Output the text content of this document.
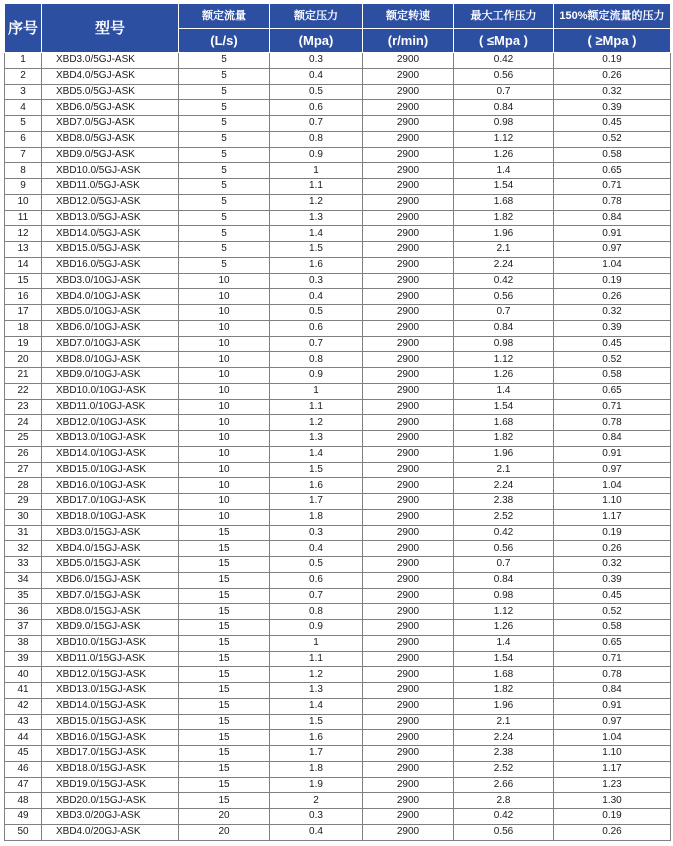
序号	型号	额定流量	额定压力	额定转速	最大工作压力	150%额定流量的压力
		(L/s)	(Mpa)	(r/min)	( ≤Mpa )	( ≥Mpa )
1	XBD3.0/5GJ-ASK	5	0.3	2900	0.42	0.19
2	XBD4.0/5GJ-ASK	5	0.4	2900	0.56	0.26
3	XBD5.0/5GJ-ASK	5	0.5	2900	0.7	0.32
4	XBD6.0/5GJ-ASK	5	0.6	2900	0.84	0.39
5	XBD7.0/5GJ-ASK	5	0.7	2900	0.98	0.45
6	XBD8.0/5GJ-ASK	5	0.8	2900	1.12	0.52
7	XBD9.0/5GJ-ASK	5	0.9	2900	1.26	0.58
8	XBD10.0/5GJ-ASK	5	1	2900	1.4	0.65
9	XBD11.0/5GJ-ASK	5	1.1	2900	1.54	0.71
10	XBD12.0/5GJ-ASK	5	1.2	2900	1.68	0.78
11	XBD13.0/5GJ-ASK	5	1.3	2900	1.82	0.84
12	XBD14.0/5GJ-ASK	5	1.4	2900	1.96	0.91
13	XBD15.0/5GJ-ASK	5	1.5	2900	2.1	0.97
14	XBD16.0/5GJ-ASK	5	1.6	2900	2.24	1.04
15	XBD3.0/10GJ-ASK	10	0.3	2900	0.42	0.19
16	XBD4.0/10GJ-ASK	10	0.4	2900	0.56	0.26
17	XBD5.0/10GJ-ASK	10	0.5	2900	0.7	0.32
18	XBD6.0/10GJ-ASK	10	0.6	2900	0.84	0.39
19	XBD7.0/10GJ-ASK	10	0.7	2900	0.98	0.45
20	XBD8.0/10GJ-ASK	10	0.8	2900	1.12	0.52
21	XBD9.0/10GJ-ASK	10	0.9	2900	1.26	0.58
22	XBD10.0/10GJ-ASK	10	1	2900	1.4	0.65
23	XBD11.0/10GJ-ASK	10	1.1	2900	1.54	0.71
24	XBD12.0/10GJ-ASK	10	1.2	2900	1.68	0.78
25	XBD13.0/10GJ-ASK	10	1.3	2900	1.82	0.84
26	XBD14.0/10GJ-ASK	10	1.4	2900	1.96	0.91
27	XBD15.0/10GJ-ASK	10	1.5	2900	2.1	0.97
28	XBD16.0/10GJ-ASK	10	1.6	2900	2.24	1.04
29	XBD17.0/10GJ-ASK	10	1.7	2900	2.38	1.10
30	XBD18.0/10GJ-ASK	10	1.8	2900	2.52	1.17
31	XBD3.0/15GJ-ASK	15	0.3	2900	0.42	0.19
32	XBD4.0/15GJ-ASK	15	0.4	2900	0.56	0.26
33	XBD5.0/15GJ-ASK	15	0.5	2900	0.7	0.32
34	XBD6.0/15GJ-ASK	15	0.6	2900	0.84	0.39
35	XBD7.0/15GJ-ASK	15	0.7	2900	0.98	0.45
36	XBD8.0/15GJ-ASK	15	0.8	2900	1.12	0.52
37	XBD9.0/15GJ-ASK	15	0.9	2900	1.26	0.58
38	XBD10.0/15GJ-ASK	15	1	2900	1.4	0.65
39	XBD11.0/15GJ-ASK	15	1.1	2900	1.54	0.71
40	XBD12.0/15GJ-ASK	15	1.2	2900	1.68	0.78
41	XBD13.0/15GJ-ASK	15	1.3	2900	1.82	0.84
42	XBD14.0/15GJ-ASK	15	1.4	2900	1.96	0.91
43	XBD15.0/15GJ-ASK	15	1.5	2900	2.1	0.97
44	XBD16.0/15GJ-ASK	15	1.6	2900	2.24	1.04
45	XBD17.0/15GJ-ASK	15	1.7	2900	2.38	1.10
46	XBD18.0/15GJ-ASK	15	1.8	2900	2.52	1.17
47	XBD19.0/15GJ-ASK	15	1.9	2900	2.66	1.23
48	XBD20.0/15GJ-ASK	15	2	2900	2.8	1.30
49	XBD3.0/20GJ-ASK	20	0.3	2900	0.42	0.19
50	XBD4.0/20GJ-ASK	20	0.4	2900	0.56	0.26
